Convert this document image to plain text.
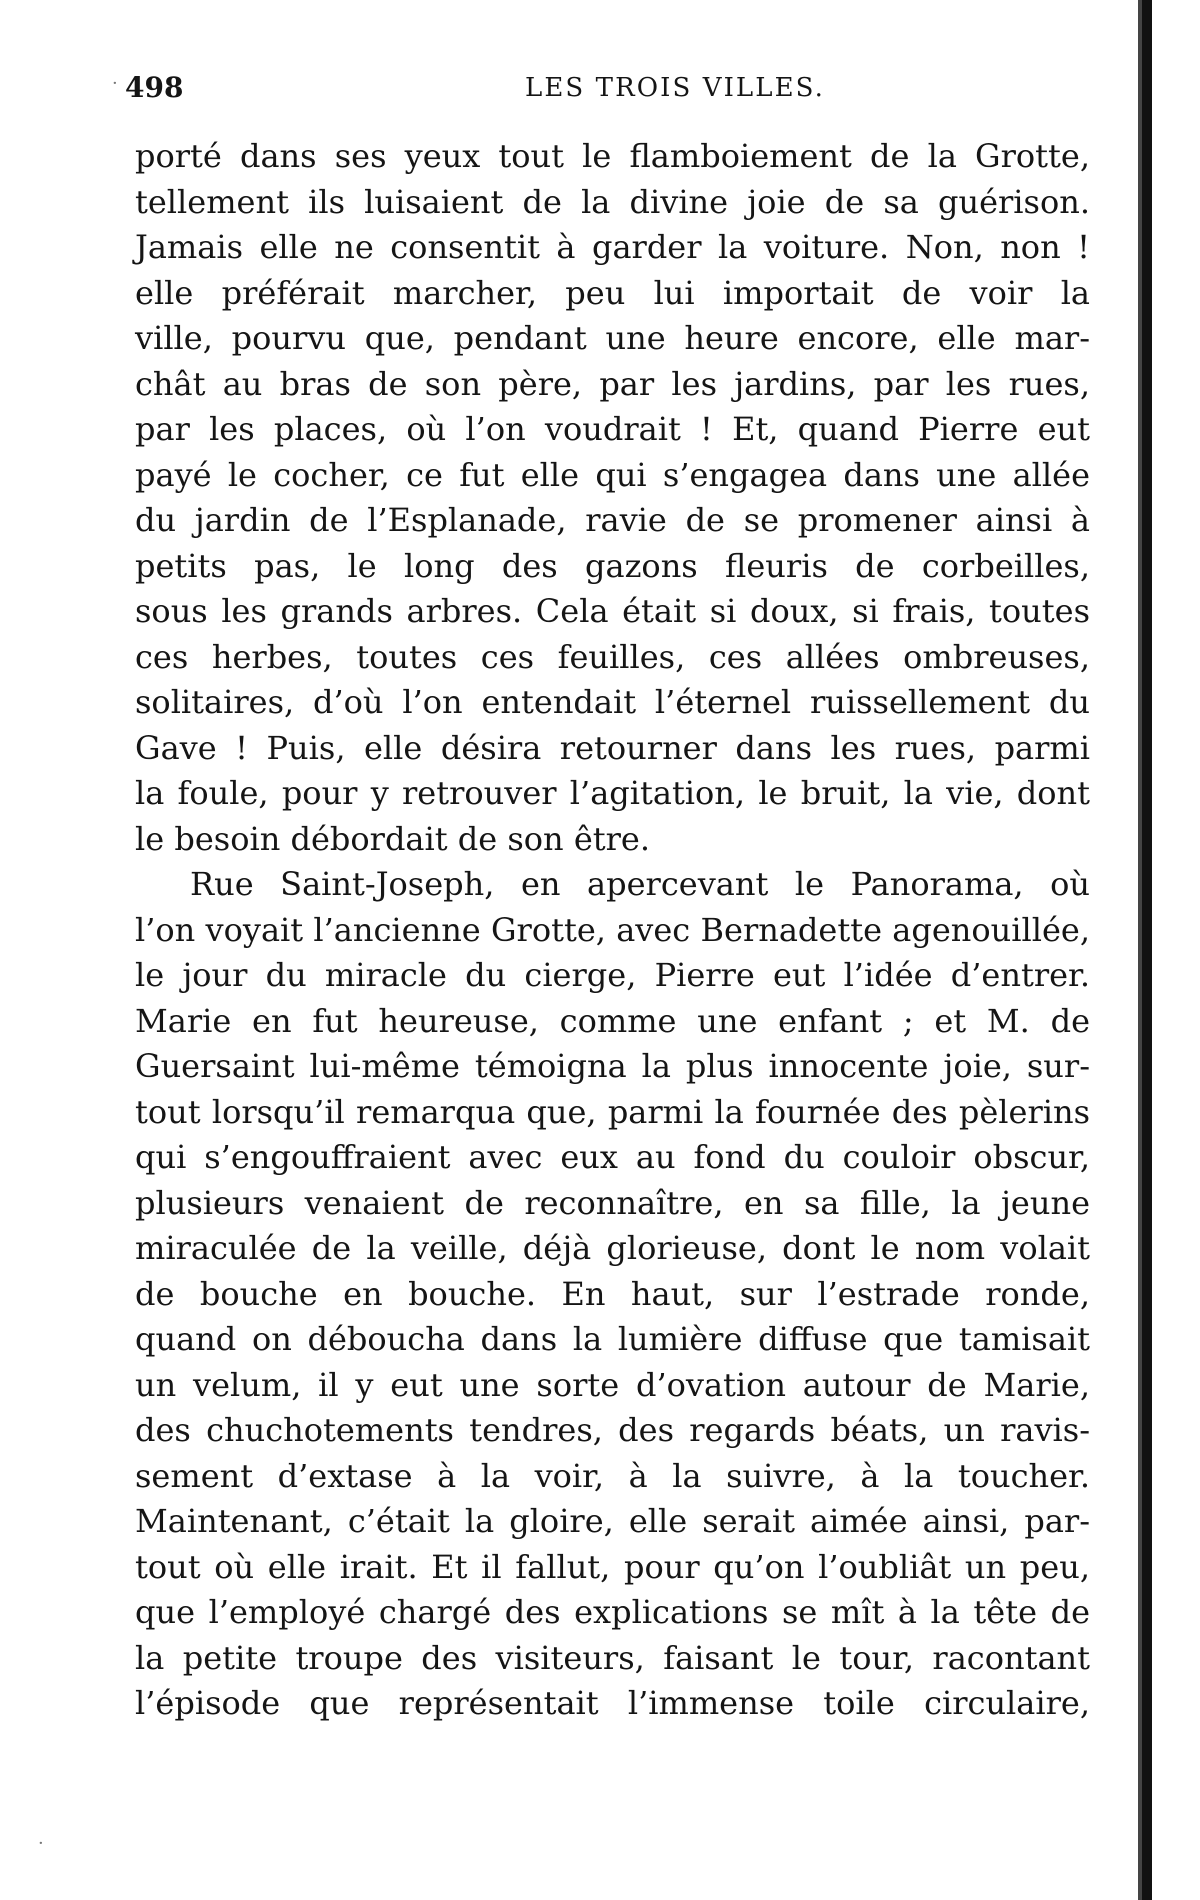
498	LES TROIS VILLES.
porté dans ses yeux tout le flamboiement de la Grotte,
tellement ils luisaient de la divine joie de sa guérison.
Jamais elle ne consentit à garder la voiture. Non, non !
elle préférait marcher, peu lui importait de voir la
ville, pourvu que, pendant une heure encore, elle mar-
chât au bras de son père, par les jardins, par les rues,
par les places, où l’on voudrait ! Et, quand Pierre eut
payé le cocher, ce fut elle qui s’engagea dans une allée
du jardin de l’Esplanade, ravie de se promener ainsi à
petits pas, le long des gazons fleuris de corbeilles,
sous les grands arbres. Cela était si doux, si frais, toutes
ces herbes, toutes ces feuilles, ces allées ombreuses,
solitaires, d’où l’on entendait l’éternel ruissellement du
Gave ! Puis, elle désira retourner dans les rues, parmi
la foule, pour y retrouver l’agitation, le bruit, la vie, dont
le besoin débordait de son être.
Rue Saint-Joseph, en apercevant le Panorama, où
l’on voyait l’ancienne Grotte, avec Bernadette agenouillée,
le jour du miracle du cierge, Pierre eut l’idée d’entrer.
Marie en fut heureuse, comme une enfant ; et M. de
Guersaint lui-même témoigna la plus innocente joie, sur-
tout lorsqu’il remarqua que, parmi la fournée des pèlerins
qui s’engouffraient avec eux au fond du couloir obscur,
plusieurs venaient de reconnaître, en sa fille, la jeune
miraculée de la veille, déjà glorieuse, dont le nom volait
de bouche en bouche. En haut, sur l’estrade ronde,
quand on déboucha dans la lumière diffuse que tamisait
un velum, il y eut une sorte d’ovation autour de Marie,
des chuchotements tendres, des regards béats, un ravis-
sement d’extase à la voir, à la suivre, à la toucher.
Maintenant, c’était la gloire, elle serait aimée ainsi, par-
tout où elle irait. Et il fallut, pour qu’on l’oubliât un peu,
que l’employé chargé des explications se mît à la tête de
la petite troupe des visiteurs, faisant le tour, racontant
l’épisode que représentait l’immense toile circulaire,
·
·
